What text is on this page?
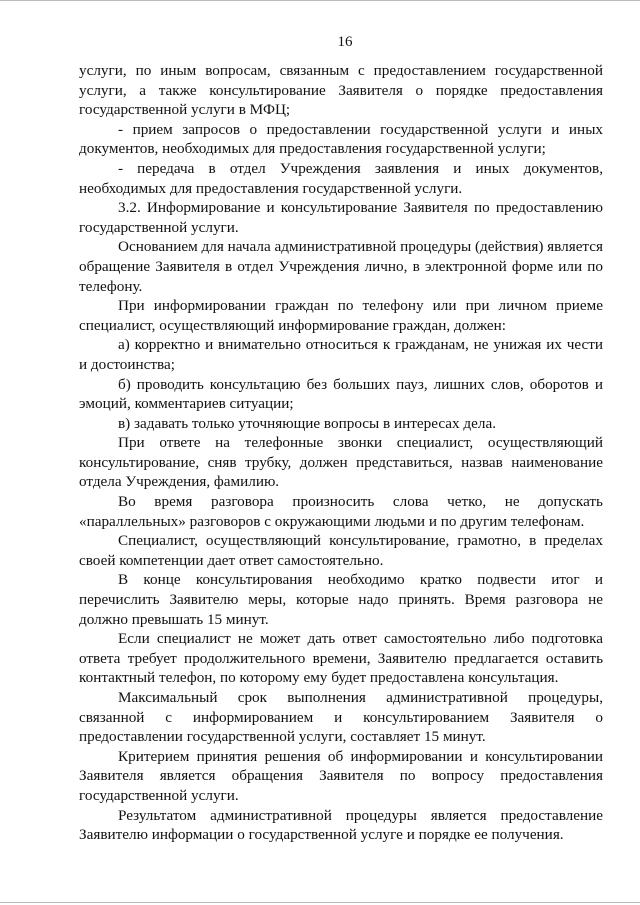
16

услуги, по иным вопросам, связанным с предоставлением государственной услуги, а также консультирование Заявителя о порядке предоставления государственной услуги в МФЦ;

- прием запросов о предоставлении государственной услуги и иных документов, необходимых для предоставления государственной услуги;

- передача в отдел Учреждения заявления и иных документов, необходимых для предоставления государственной услуги.

3.2. Информирование и консультирование Заявителя по предоставлению государственной услуги.

Основанием для начала административной процедуры (действия) является обращение Заявителя в отдел Учреждения лично, в электронной форме или по телефону.

При информировании граждан по телефону или при личном приеме специалист, осуществляющий информирование граждан, должен:

а) корректно и внимательно относиться к гражданам, не унижая их чести и достоинства;

б) проводить консультацию без больших пауз, лишних слов, оборотов и эмоций, комментариев ситуации;

в) задавать только уточняющие вопросы в интересах дела.

При ответе на телефонные звонки специалист, осуществляющий консультирование, сняв трубку, должен представиться, назвав наименование отдела Учреждения, фамилию.

Во время разговора произносить слова четко, не допускать «параллельных» разговоров с окружающими людьми и по другим телефонам.

Специалист, осуществляющий консультирование, грамотно, в пределах своей компетенции дает ответ самостоятельно.

В конце консультирования необходимо кратко подвести итог и перечислить Заявителю меры, которые надо принять. Время разговора не должно превышать 15 минут.

Если специалист не может дать ответ самостоятельно либо подготовка ответа требует продолжительного времени, Заявителю предлагается оставить контактный телефон, по которому ему будет предоставлена консультация.

Максимальный срок выполнения административной процедуры, связанной с информированием и консультированием Заявителя о предоставлении государственной услуги, составляет 15 минут.

Критерием принятия решения об информировании и консультировании Заявителя является обращения Заявителя по вопросу предоставления государственной услуги.

Результатом административной процедуры является предоставление Заявителю информации о государственной услуге и порядке ее получения.
